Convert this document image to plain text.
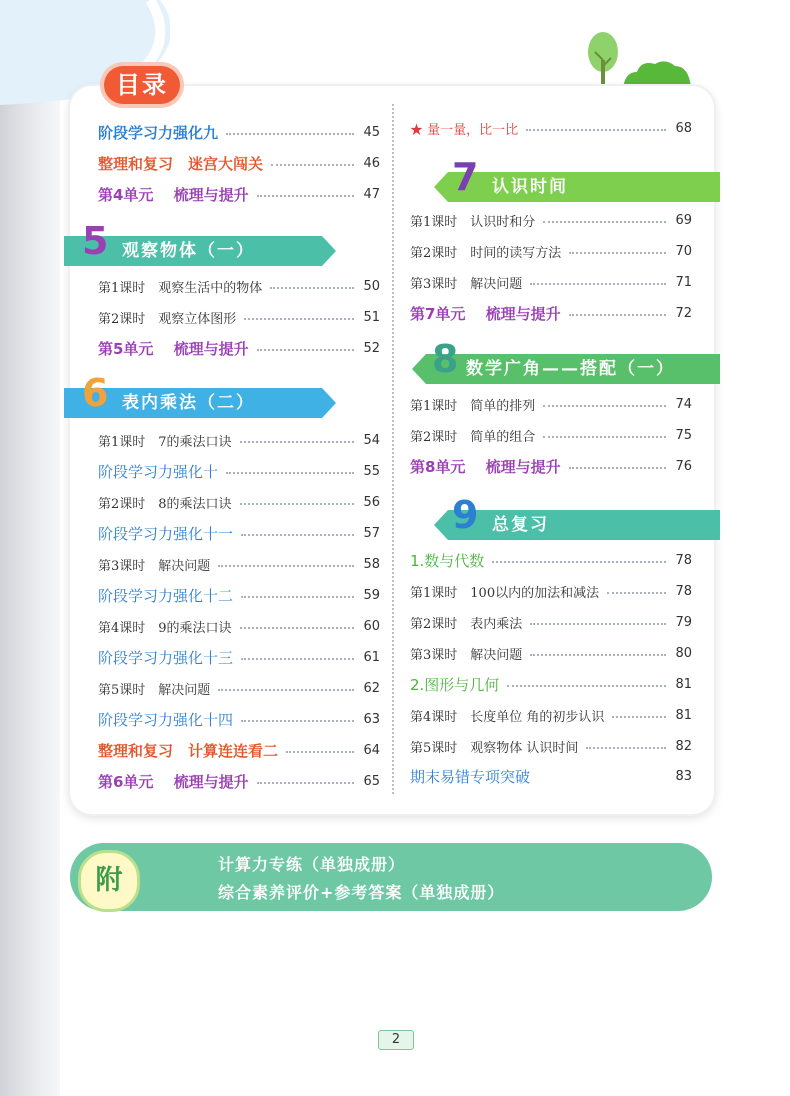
目录
阶段学习力强化九	45
整理和复习　迷宫大闯关	46
第4单元　 梳理与提升	47
5 观察物体（一）
第1课时　观察生活中的物体	50
第2课时　观察立体图形	51
第5单元　 梳理与提升	52
6 表内乘法（二）
第1课时　7的乘法口诀	54
阶段学习力强化十	55
第2课时　8的乘法口诀	56
阶段学习力强化十一	57
第3课时　解决问题	58
阶段学习力强化十二	59
第4课时　9的乘法口诀	60
阶段学习力强化十三	61
第5课时　解决问题	62
阶段学习力强化十四	63
整理和复习　计算连连看二	64
第6单元　 梳理与提升	65
★ 量一量，比一比	68
7 认识时间
第1课时　认识时和分	69
第2课时　时间的读写方法	70
第3课时　解决问题	71
第7单元　 梳理与提升	72
8 数学广角——搭配（一）
第1课时　简单的排列	74
第2课时　简单的组合	75
第8单元　 梳理与提升	76
9 总复习
1.数与代数	78
第1课时　100以内的加法和减法	78
第2课时　表内乘法	79
第3课时　解决问题	80
2.图形与几何	81
第4课时　长度单位 角的初步认识	81
第5课时　观察物体 认识时间	82
期末易错专项突破	83
附
计算力专练（单独成册）
综合素养评价+参考答案（单独成册）
2
